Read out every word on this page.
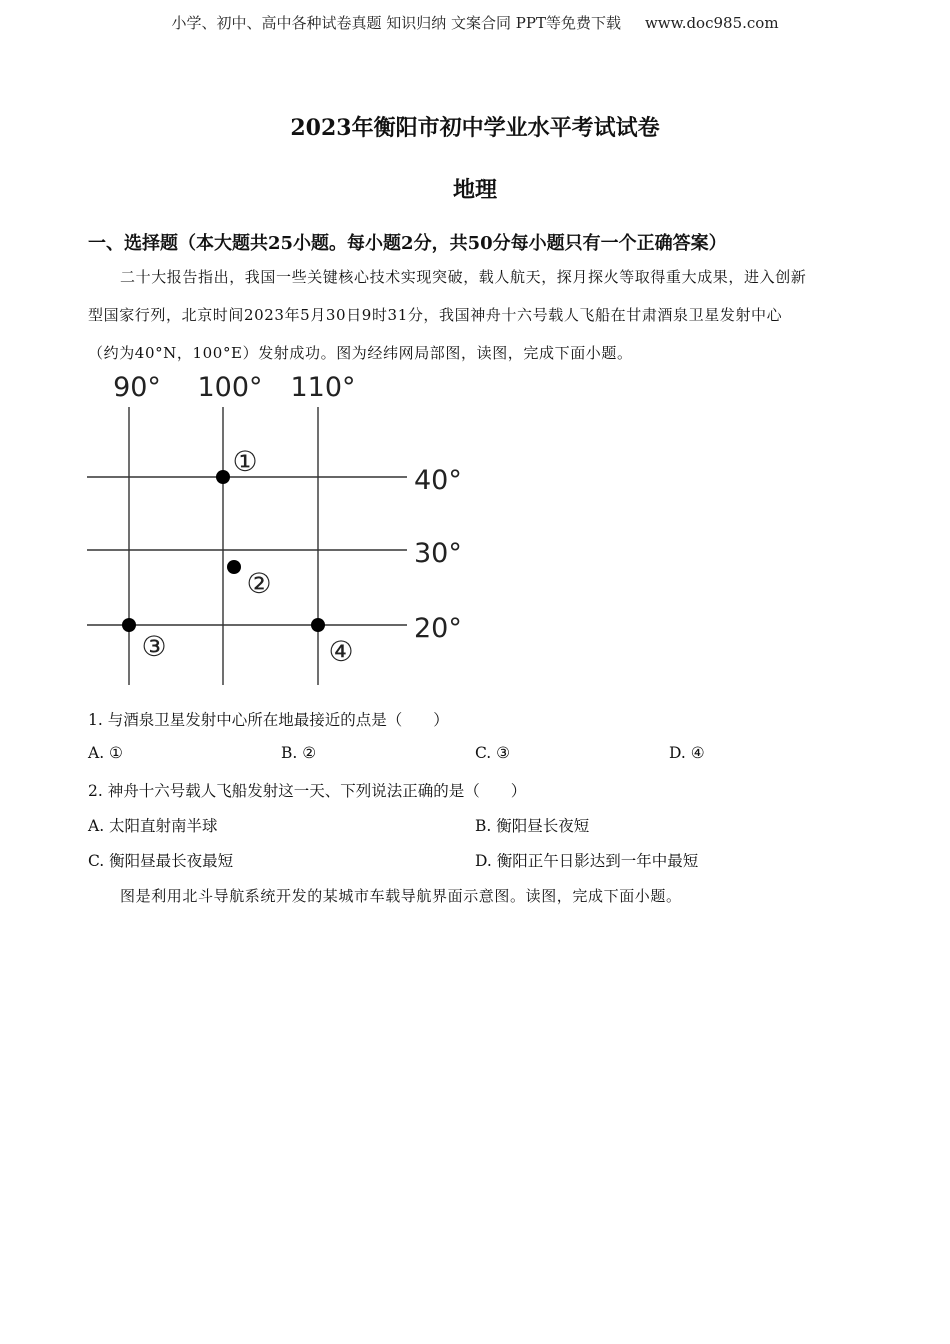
小学、初中、高中各种试卷真题 知识归纳 文案合同 PPT等免费下载 www.doc985.com
2023年衡阳市初中学业水平考试试卷
地理
一、选择题（本大题共25小题。每小题2分，共50分每小题只有一个正确答案）
二十大报告指出，我国一些关键核心技术实现突破，载人航天，探月探火等取得重大成果，进入创新
型国家行列，北京时间2023年5月30日9时31分，我国神舟十六号载人飞船在甘肃酒泉卫星发射中心
（约为40°N，100°E）发射成功。图为经纬网局部图，读图，完成下面小题。
90° 100° 110°
40°
30°
20°
①
②
③	④
1. 与酒泉卫星发射中心所在地最接近的点是（　　）
A. ①	B. ②	C. ③	D. ④
2. 神舟十六号载人飞船发射这一天、下列说法正确的是（　　）
A. 太阳直射南半球	B. 衡阳昼长夜短
C. 衡阳昼最长夜最短	D. 衡阳正午日影达到一年中最短
图是利用北斗导航系统开发的某城市车载导航界面示意图。读图，完成下面小题。
